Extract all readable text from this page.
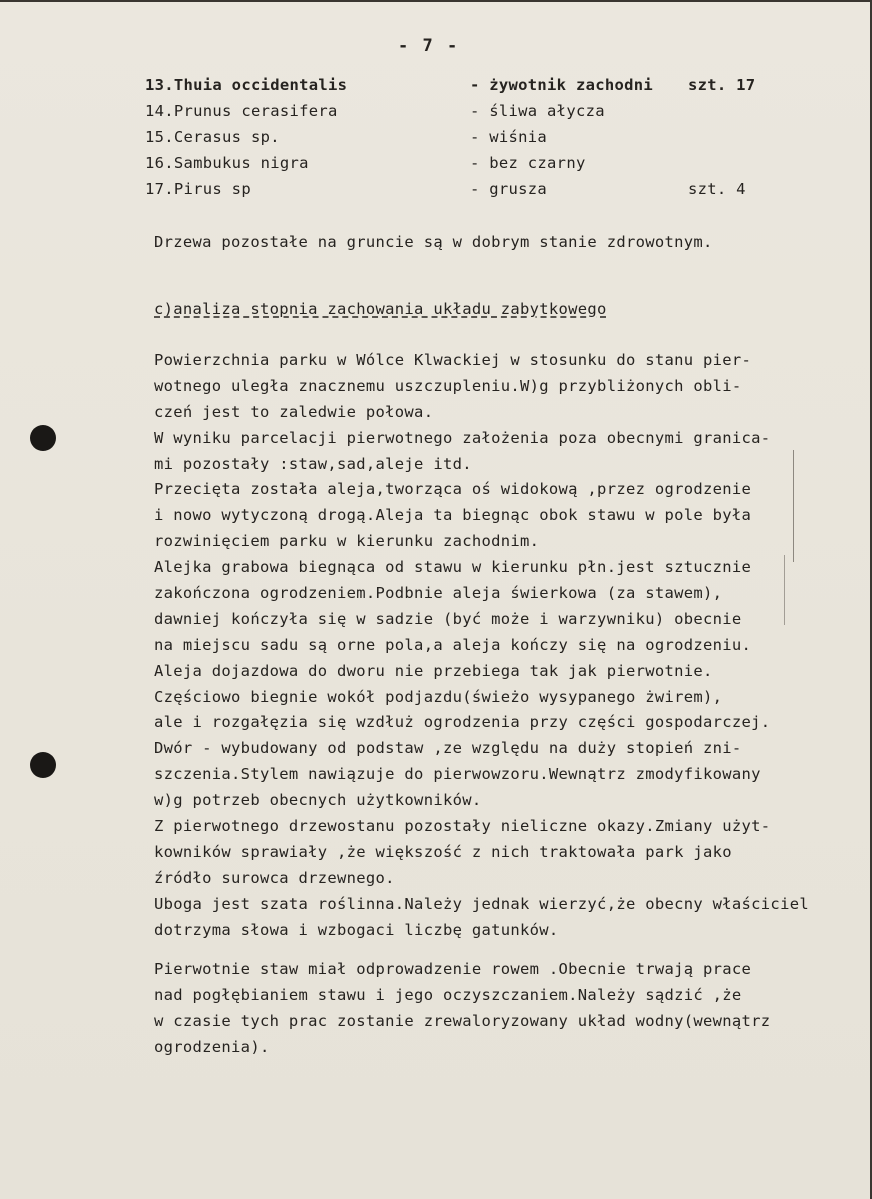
- 7 -
13.Thuia occidentalis	- żywotnik zachodni szt. 17
14.Prunus cerasifera	- śliwa ałycza
15.Cerasus sp.	- wiśnia
16.Sambukus nigra	- bez czarny
17.Pirus sp	- grusza	szt. 4
Drzewa pozostałe na gruncie są w dobrym stanie zdrowotnym.
c)analiza stopnia zachowania układu zabytkowego
Powierzchnia parku w Wólce Klwackiej w stosunku do stanu pier-
wotnego uległa znacznemu uszczupleniu.W)g przybliżonych obli-
czeń jest to zaledwie połowa.
W wyniku parcelacji pierwotnego założenia poza obecnymi granica-
mi pozostały :staw,sad,aleje itd.
Przecięta została aleja,tworząca oś widokową ,przez ogrodzenie
i nowo wytyczoną drogą.Aleja ta biegnąc obok stawu w pole była
rozwinięciem parku w kierunku zachodnim.
Alejka grabowa biegnąca od stawu w kierunku płn.jest sztucznie
zakończona ogrodzeniem.Podbnie aleja świerkowa (za stawem),
dawniej kończyła się w sadzie (być może i warzywniku) obecnie
na miejscu sadu są orne pola,a aleja kończy się na ogrodzeniu.
Aleja dojazdowa do dworu nie przebiega tak jak pierwotnie.
Częściowo biegnie wokół podjazdu(świeżo wysypanego żwirem),
ale i rozgałęzia się wzdłuż ogrodzenia przy części gospodarczej.
Dwór - wybudowany od podstaw ,ze względu na duży stopień zni-
szczenia.Stylem nawiązuje do pierwowzoru.Wewnątrz zmodyfikowany
w)g potrzeb obecnych użytkowników.
Z pierwotnego drzewostanu pozostały nieliczne okazy.Zmiany użyt-
kowników sprawiały ,że większość z nich traktowała park jako
źródło surowca drzewnego.
Uboga jest szata roślinna.Należy jednak wierzyć,że obecny właściciel
dotrzyma słowa i wzbogaci liczbę gatunków.
Pierwotnie staw miał odprowadzenie rowem .Obecnie trwają prace
nad pogłębianiem stawu i jego oczyszczaniem.Należy sądzić ,że
w czasie tych prac zostanie zrewaloryzowany układ wodny(wewnątrz
ogrodzenia).
